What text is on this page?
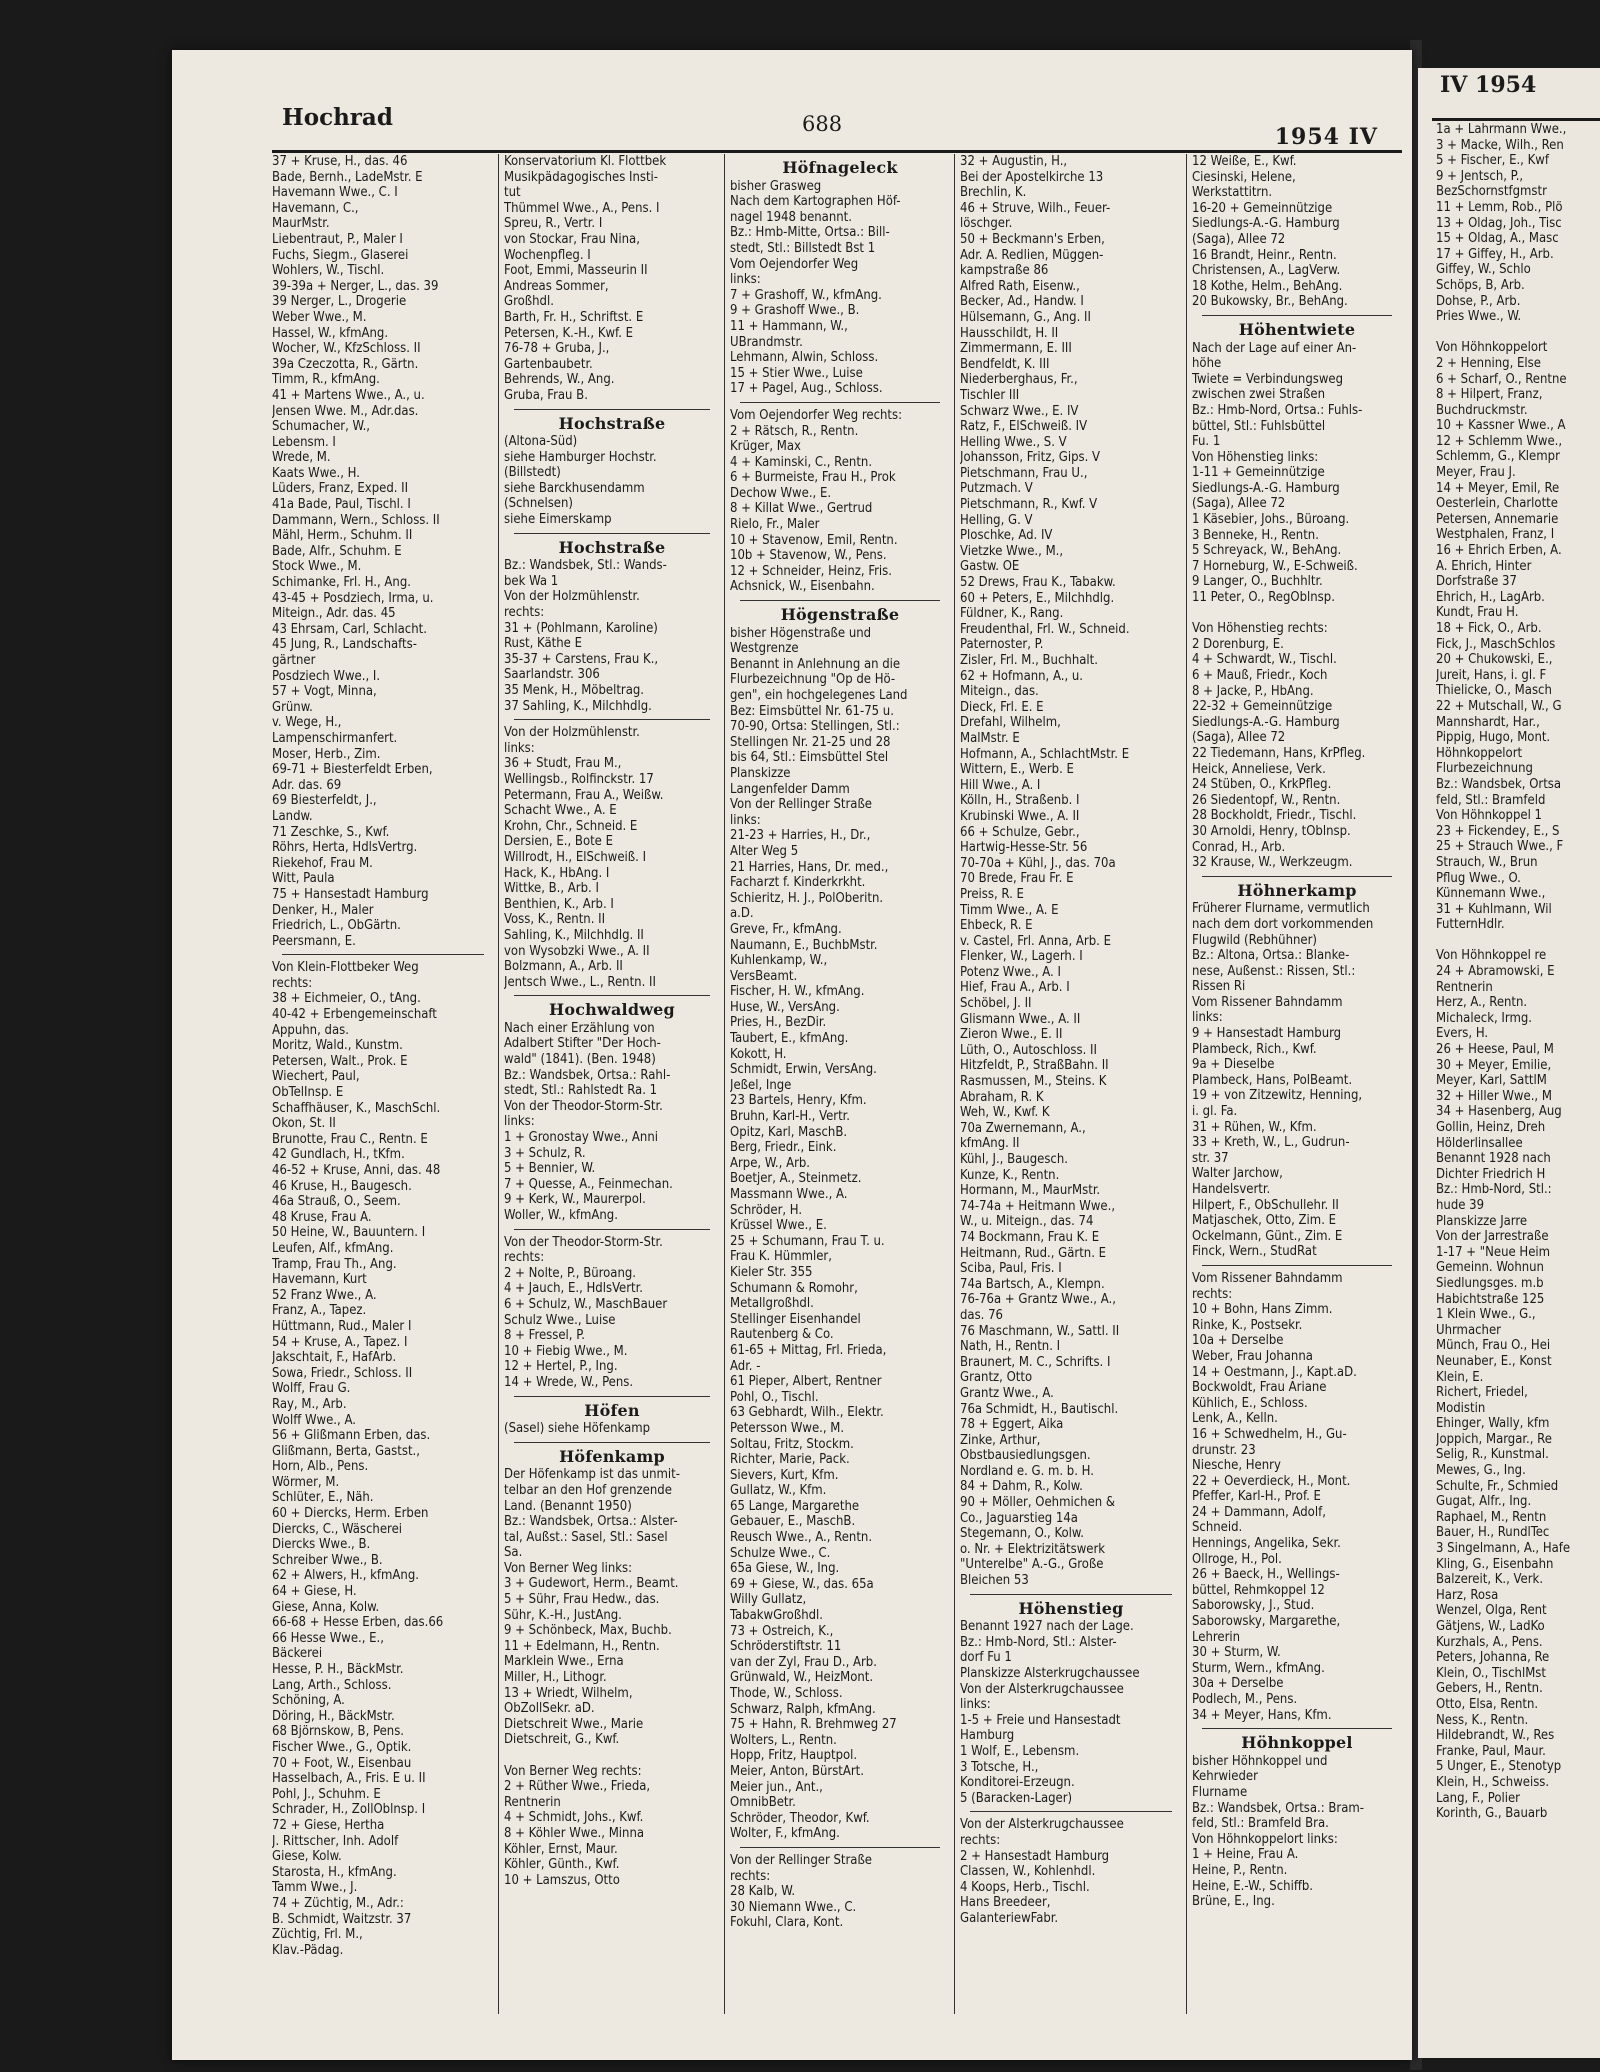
Hochrad	688	1954 IV
37 + Kruse, H., das. 46
Bade, Bernh., LadeMstr. E
Havemann Wwe., C. I
Havemann, C.,
MaurMstr.
Liebentraut, P., Maler I
Fuchs, Siegm., Glaserei
Wohlers, W., Tischl.
39-39a + Nerger, L., das. 39
39 Nerger, L., Drogerie
Weber Wwe., M.
Hassel, W., kfmAng.
Wocher, W., KfzSchloss. II
39a Czeczotta, R., Gärtn.
Timm, R., kfmAng.
41 + Martens Wwe., A., u.
Jensen Wwe. M., Adr.das.
Schumacher, W.,
Lebensm. I
Wrede, M.
Kaats Wwe., H.
Lüders, Franz, Exped. II
41a Bade, Paul, Tischl. I
Dammann, Wern., Schloss. II
Mähl, Herm., Schuhm. II
Bade, Alfr., Schuhm. E
Stock Wwe., M.
Schimanke, Frl. H., Ang.
43-45 + Posdziech, Irma, u.
Miteign., Adr. das. 45
43 Ehrsam, Carl, Schlacht.
45 Jung, R., Landschafts-
gärtner
Posdziech Wwe., I.
57 + Vogt, Minna,
Grünw.
v. Wege, H.,
Lampenschirmanfert.
Moser, Herb., Zim.
69-71 + Biesterfeldt Erben,
Adr. das. 69
69 Biesterfeldt, J.,
Landw.
71 Zeschke, S., Kwf.
Röhrs, Herta, HdlsVertrg.
Riekehof, Frau M.
Witt, Paula
75 + Hansestadt Hamburg
Denker, H., Maler
Friedrich, L., ObGärtn.
Peersmann, E.
Von Klein-Flottbeker Weg
rechts:
38 + Eichmeier, O., tAng.
40-42 + Erbengemeinschaft
Appuhn, das.
Moritz, Wald., Kunstm.
Petersen, Walt., Prok. E
Wiechert, Paul,
ObTelInsp. E
Schaffhäuser, K., MaschSchl.
Okon, St. II
Brunotte, Frau C., Rentn. E
42 Gundlach, H., tKfm.
46-52 + Kruse, Anni, das. 48
46 Kruse, H., Baugesch.
46a Strauß, O., Seem.
48 Kruse, Frau A.
50 Heine, W., Bauuntern. I
Leufen, Alf., kfmAng.
Tramp, Frau Th., Ang.
Havemann, Kurt
52 Franz Wwe., A.
Franz, A., Tapez.
Hüttmann, Rud., Maler I
54 + Kruse, A., Tapez. I
Jakschtait, F., HafArb.
Sowa, Friedr., Schloss. II
Wolff, Frau G.
Ray, M., Arb.
Wolff Wwe., A.
56 + Glißmann Erben, das.
Glißmann, Berta, Gastst.,
Horn, Alb., Pens.
Wörmer, M.
Schlüter, E., Näh.
60 + Diercks, Herm. Erben
Diercks, C., Wäscherei
Diercks Wwe., B.
Schreiber Wwe., B.
62 + Alwers, H., kfmAng.
64 + Giese, H.
Giese, Anna, Kolw.
66-68 + Hesse Erben, das.66
66 Hesse Wwe., E.,
Bäckerei
Hesse, P. H., BäckMstr.
Lang, Arth., Schloss.
Schöning, A.
Döring, H., BäckMstr.
68 Björnskow, B, Pens.
Fischer Wwe., G., Optik.
70 + Foot, W., Eisenbau
Hasselbach, A., Fris. E u. II
Pohl, J., Schuhm. E
Schrader, H., ZollOblnsp. I
72 + Giese, Hertha
J. Rittscher, Inh. Adolf
Giese, Kolw.
Starosta, H., kfmAng.
Tamm Wwe., J.
74 + Züchtig, M., Adr.:
B. Schmidt, Waitzstr. 37
Züchtig, Frl. M.,
Klav.-Pädag.
Konservatorium Kl. Flottbek
Musikpädagogisches Insti-
tut
Thümmel Wwe., A., Pens. I
Spreu, R., Vertr. I
von Stockar, Frau Nina,
Wochenpfleg. I
Foot, Emmi, Masseurin II
Andreas Sommer,
Großhdl.
Barth, Fr. H., Schriftst. E
Petersen, K.-H., Kwf. E
76-78 + Gruba, J.,
Gartenbaubetr.
Behrends, W., Ang.
Gruba, Frau B.
Hochstraße
(Altona-Süd)
siehe Hamburger Hochstr.
(Billstedt)
siehe Barckhusendamm
(Schnelsen)
siehe Eimerskamp
Hochstraße
Bz.: Wandsbek, Stl.: Wands-
bek Wa 1
Von der Holzmühlenstr.
rechts:
31 + (Pohlmann, Karoline)
Rust, Käthe E
35-37 + Carstens, Frau K.,
Saarlandstr. 306
35 Menk, H., Möbeltrag.
37 Sahling, K., Milchhdlg.
Von der Holzmühlenstr.
links:
36 + Studt, Frau M.,
Wellingsb., Rolfinckstr. 17
Petermann, Frau A., Weißw.
Schacht Wwe., A. E
Krohn, Chr., Schneid. E
Dersien, E., Bote E
Willrodt, H., ElSchweiß. I
Hack, K., HbAng. I
Wittke, B., Arb. I
Benthien, K., Arb. I
Voss, K., Rentn. II
Sahling, K., Milchhdlg. II
von Wysobzki Wwe., A. II
Bolzmann, A., Arb. II
Jentsch Wwe., L., Rentn. II
Hochwaldweg
Nach einer Erzählung von
Adalbert Stifter "Der Hoch-
wald" (1841). (Ben. 1948)
Bz.: Wandsbek, Ortsa.: Rahl-
stedt, Stl.: Rahlstedt Ra. 1
Von der Theodor-Storm-Str.
links:
1 + Gronostay Wwe., Anni
3 + Schulz, R.
5 + Bennier, W.
7 + Quesse, A., Feinmechan.
9 + Kerk, W., Maurerpol.
Woller, W., kfmAng.
Von der Theodor-Storm-Str.
rechts:
2 + Nolte, P., Büroang.
4 + Jauch, E., HdlsVertr.
6 + Schulz, W., MaschBauer
Schulz Wwe., Luise
8 + Fressel, P.
10 + Fiebig Wwe., M.
12 + Hertel, P., Ing.
14 + Wrede, W., Pens.
Höfen
(Sasel) siehe Höfenkamp
Höfenkamp
Der Höfenkamp ist das unmit-
telbar an den Hof grenzende
Land. (Benannt 1950)
Bz.: Wandsbek, Ortsa.: Alster-
tal, Außst.: Sasel, Stl.: Sasel
Sa.
Von Berner Weg links:
3 + Gudewort, Herm., Beamt.
5 + Sühr, Frau Hedw., das.
Sühr, K.-H., JustAng.
9 + Schönbeck, Max, Buchb.
11 + Edelmann, H., Rentn.
Marklein Wwe., Erna
Miller, H., Lithogr.
13 + Wriedt, Wilhelm,
ObZollSekr. aD.
Dietschreit Wwe., Marie
Dietschreit, G., Kwf.

Von Berner Weg rechts:
2 + Rüther Wwe., Frieda,
Rentnerin
4 + Schmidt, Johs., Kwf.
8 + Köhler Wwe., Minna
Köhler, Ernst, Maur.
Köhler, Günth., Kwf.
10 + Lamszus, Otto
Höfnageleck
bisher Grasweg
Nach dem Kartographen Höf-
nagel 1948 benannt.
Bz.: Hmb-Mitte, Ortsa.: Bill-
stedt, Stl.: Billstedt Bst 1
Vom Oejendorfer Weg
links:
7 + Grashoff, W., kfmAng.
9 + Grashoff Wwe., B.
11 + Hammann, W.,
UBrandmstr.
Lehmann, Alwin, Schloss.
15 + Stier Wwe., Luise
17 + Pagel, Aug., Schloss.
Vom Oejendorfer Weg rechts:
2 + Rätsch, R., Rentn.
Krüger, Max
4 + Kaminski, C., Rentn.
6 + Burmeiste, Frau H., Prok
Dechow Wwe., E.
8 + Killat Wwe., Gertrud
Rielo, Fr., Maler
10 + Stavenow, Emil, Rentn.
10b + Stavenow, W., Pens.
12 + Schneider, Heinz, Fris.
Achsnick, W., Eisenbahn.
Högenstraße
bisher Högenstraße und
Westgrenze
Benannt in Anlehnung an die
Flurbezeichnung "Op de Hö-
gen", ein hochgelegenes Land
Bez: Eimsbüttel Nr. 61-75 u.
70-90, Ortsa: Stellingen, Stl.:
Stellingen Nr. 21-25 und 28
bis 64, Stl.: Eimsbüttel Stel
Planskizze
Langenfelder Damm
Von der Rellinger Straße
links:
21-23 + Harries, H., Dr.,
Alter Weg 5
21 Harries, Hans, Dr. med.,
Facharzt f. Kinderkrkht.
Schieritz, H. J., PolOberitn.
a.D.
Greve, Fr., kfmAng.
Naumann, E., BuchbMstr.
Kuhlenkamp, W.,
VersBeamt.
Fischer, H. W., kfmAng.
Huse, W., VersAng.
Pries, H., BezDir.
Taubert, E., kfmAng.
Kokott, H.
Schmidt, Erwin, VersAng.
Jeßel, Inge
23 Bartels, Henry, Kfm.
Bruhn, Karl-H., Vertr.
Opitz, Karl, MaschB.
Berg, Friedr., Eink.
Arpe, W., Arb.
Boetjer, A., Steinmetz.
Massmann Wwe., A.
Schröder, H.
Krüssel Wwe., E.
25 + Schumann, Frau T. u.
Frau K. Hümmler,
Kieler Str. 355
Schumann & Romohr,
Metallgroßhdl.
Stellinger Eisenhandel
Rautenberg & Co.
61-65 + Mittag, Frl. Frieda,
Adr. -
61 Pieper, Albert, Rentner
Pohl, O., Tischl.
63 Gebhardt, Wilh., Elektr.
Petersson Wwe., M.
Soltau, Fritz, Stockm.
Richter, Marie, Pack.
Sievers, Kurt, Kfm.
Gullatz, W., Kfm.
65 Lange, Margarethe
Gebauer, E., MaschB.
Reusch Wwe., A., Rentn.
Schulze Wwe., C.
65a Giese, W., Ing.
69 + Giese, W., das. 65a
Willy Gullatz,
TabakwGroßhdl.
73 + Ostreich, K.,
Schröderstiftstr. 11
van der Zyl, Frau D., Arb.
Grünwald, W., HeizMont.
Thode, W., Schloss.
Schwarz, Ralph, kfmAng.
75 + Hahn, R. Brehmweg 27
Wolters, L., Rentn.
Hopp, Fritz, Hauptpol.
Meier, Anton, BürstArt.
Meier jun., Ant.,
OmnibBetr.
Schröder, Theodor, Kwf.
Wolter, F., kfmAng.
Von der Rellinger Straße
rechts:
28 Kalb, W.
30 Niemann Wwe., C.
Fokuhl, Clara, Kont.
32 + Augustin, H.,
Bei der Apostelkirche 13
Brechlin, K.
46 + Struve, Wilh., Feuer-
löschger.
50 + Beckmann's Erben,
Adr. A. Redlien, Müggen-
kampstraße 86
Alfred Rath, Eisenw.,
Becker, Ad., Handw. I
Hülsemann, G., Ang. II
Hausschildt, H. II
Zimmermann, E. III
Bendfeldt, K. III
Niederberghaus, Fr.,
Tischler III
Schwarz Wwe., E. IV
Ratz, F., ElSchweiß. IV
Helling Wwe., S. V
Johansson, Fritz, Gips. V
Pietschmann, Frau U.,
Putzmach. V
Pietschmann, R., Kwf. V
Helling, G. V
Ploschke, Ad. IV
Vietzke Wwe., M.,
Gastw. OE
52 Drews, Frau K., Tabakw.
60 + Peters, E., Milchhdlg.
Füldner, K., Rang.
Freudenthal, Frl. W., Schneid.
Paternoster, P.
Zisler, Frl. M., Buchhalt.
62 + Hofmann, A., u.
Miteign., das.
Dieck, Frl. E. E
Drefahl, Wilhelm,
MalMstr. E
Hofmann, A., SchlachtMstr. E
Wittern, E., Werb. E
Hill Wwe., A. I
Kölln, H., Straßenb. I
Krubinski Wwe., A. II
66 + Schulze, Gebr.,
Hartwig-Hesse-Str. 56
70-70a + Kühl, J., das. 70a
70 Brede, Frau Fr. E
Preiss, R. E
Timm Wwe., A. E
Ehbeck, R. E
v. Castel, Frl. Anna, Arb. E
Flenker, W., Lagerh. I
Potenz Wwe., A. I
Hief, Frau A., Arb. I
Schöbel, J. II
Glismann Wwe., A. II
Zieron Wwe., E. II
Lüth, O., Autoschloss. II
Hitzfeldt, P., StraßBahn. II
Rasmussen, M., Steins. K
Abraham, R. K
Weh, W., Kwf. K
70a Zwernemann, A.,
kfmAng. II
Kühl, J., Baugesch.
Kunze, K., Rentn.
Hormann, M., MaurMstr.
74-74a + Heitmann Wwe.,
W., u. Miteign., das. 74
74 Bockmann, Frau K. E
Heitmann, Rud., Gärtn. E
Sciba, Paul, Fris. I
74a Bartsch, A., Klempn.
76-76a + Grantz Wwe., A.,
das. 76
76 Maschmann, W., Sattl. II
Nath, H., Rentn. I
Braunert, M. C., Schrifts. I
Grantz, Otto
Grantz Wwe., A.
76a Schmidt, H., Bautischl.
78 + Eggert, Aika
Zinke, Arthur,
Obstbausiedlungsgen.
Nordland e. G. m. b. H.
84 + Dahm, R., Kolw.
90 + Möller, Oehmichen &
Co., Jaguarstieg 14a
Stegemann, O., Kolw.
o. Nr. + Elektrizitätswerk
"Unterelbe" A.-G., Große
Bleichen 53
Höhenstieg
Benannt 1927 nach der Lage.
Bz.: Hmb-Nord, Stl.: Alster-
dorf Fu 1
Planskizze Alsterkrugchaussee
Von der Alsterkrugchaussee
links:
1-5 + Freie und Hansestadt
Hamburg
1 Wolf, E., Lebensm.
3 Totsche, H.,
Konditorei-Erzeugn.
5 (Baracken-Lager)
Von der Alsterkrugchaussee
rechts:
2 + Hansestadt Hamburg
Classen, W., Kohlenhdl.
4 Koops, Herb., Tischl.
Hans Breedeer,
GalanteriewFabr.
12 Weiße, E., Kwf.
Ciesinski, Helene,
Werkstattitrn.
16-20 + Gemeinnützige
Siedlungs-A.-G. Hamburg
(Saga), Allee 72
16 Brandt, Heinr., Rentn.
Christensen, A., LagVerw.
18 Kothe, Helm., BehAng.
20 Bukowsky, Br., BehAng.
Höhentwiete
Nach der Lage auf einer An-
höhe
Twiete = Verbindungsweg
zwischen zwei Straßen
Bz.: Hmb-Nord, Ortsa.: Fuhls-
büttel, Stl.: Fuhlsbüttel
Fu. 1
Von Höhenstieg links:
1-11 + Gemeinnützige
Siedlungs-A.-G. Hamburg
(Saga), Allee 72
1 Käsebier, Johs., Büroang.
3 Benneke, H., Rentn.
5 Schreyack, W., BehAng.
7 Horneburg, W., E-Schweiß.
9 Langer, O., Buchhltr.
11 Peter, O., RegOblnsp.

Von Höhenstieg rechts:
2 Dorenburg, E.
4 + Schwardt, W., Tischl.
6 + Mauß, Friedr., Koch
8 + Jacke, P., HbAng.
22-32 + Gemeinnützige
Siedlungs-A.-G. Hamburg
(Saga), Allee 72
22 Tiedemann, Hans, KrPfleg.
Heick, Anneliese, Verk.
24 Stüben, O., KrkPfleg.
26 Siedentopf, W., Rentn.
28 Bockholdt, Friedr., Tischl.
30 Arnoldi, Henry, tOblnsp.
Conrad, H., Arb.
32 Krause, W., Werkzeugm.
Höhnerkamp
Früherer Flurname, vermutlich
nach dem dort vorkommenden
Flugwild (Rebhühner)
Bz.: Altona, Ortsa.: Blanke-
nese, Außenst.: Rissen, Stl.:
Rissen Ri
Vom Rissener Bahndamm
links:
9 + Hansestadt Hamburg
Plambeck, Rich., Kwf.
9a + Dieselbe
Plambeck, Hans, PolBeamt.
19 + von Zitzewitz, Henning,
i. gl. Fa.
31 + Rühen, W., Kfm.
33 + Kreth, W., L., Gudrun-
str. 37
Walter Jarchow,
Handelsvertr.
Hilpert, F., ObSchullehr. II
Matjaschek, Otto, Zim. E
Ockelmann, Günt., Zim. E
Finck, Wern., StudRat
Vom Rissener Bahndamm
rechts:
10 + Bohn, Hans Zimm.
Rinke, K., Postsekr.
10a + Derselbe
Weber, Frau Johanna
14 + Oestmann, J., Kapt.aD.
Bockwoldt, Frau Ariane
Kühlich, E., Schloss.
Lenk, A., Kelln.
16 + Schwedhelm, H., Gu-
drunstr. 23
Niesche, Henry
22 + Oeverdieck, H., Mont.
Pfeffer, Karl-H., Prof. E
24 + Dammann, Adolf,
Schneid.
Hennings, Angelika, Sekr.
Ollroge, H., Pol.
26 + Baeck, H., Wellings-
büttel, Rehmkoppel 12
Saborowsky, J., Stud.
Saborowsky, Margarethe,
Lehrerin
30 + Sturm, W.
Sturm, Wern., kfmAng.
30a + Derselbe
Podlech, M., Pens.
34 + Meyer, Hans, Kfm.
Höhnkoppel
bisher Höhnkoppel und
Kehrwieder
Flurname
Bz.: Wandsbek, Ortsa.: Bram-
feld, Stl.: Bramfeld Bra.
Von Höhnkoppelort links:
1 + Heine, Frau A.
Heine, P., Rentn.
Heine, E.-W., Schiffb.
Brüne, E., Ing.
IV 1954
1a + Lahrmann Wwe.,
3 + Macke, Wilh., Ren
5 + Fischer, E., Kwf
9 + Jentsch, P.,
BezSchornstfgmstr
11 + Lemm, Rob., Plö
13 + Oldag, Joh., Tisc
15 + Oldag, A., Masc
17 + Giffey, H., Arb.
Giffey, W., Schlo
Schöps, B, Arb.
Dohse, P., Arb.
Pries Wwe., W.

Von Höhnkoppelort
2 + Henning, Else
6 + Scharf, O., Rentne
8 + Hilpert, Franz,
Buchdruckmstr.
10 + Kassner Wwe., A
12 + Schlemm Wwe.,
Schlemm, G., Klempr
Meyer, Frau J.
14 + Meyer, Emil, Re
Oesterlein, Charlotte
Petersen, Annemarie
Westphalen, Franz, I
16 + Ehrich Erben, A.
A. Ehrich, Hinter
Dorfstraße 37
Ehrich, H., LagArb.
Kundt, Frau H.
18 + Fick, O., Arb.
Fick, J., MaschSchlos
20 + Chukowski, E.,
Jureit, Hans, i. gl. F
Thielicke, O., Masch
22 + Mutschall, W., G
Mannshardt, Har.,
Pippig, Hugo, Mont.
Höhnkoppelort
Flurbezeichnung
Bz.: Wandsbek, Ortsa
feld, Stl.: Bramfeld
Von Höhnkoppel 1
23 + Fickendey, E., S
25 + Strauch Wwe., F
Strauch, W., Brun
Pflug Wwe., O.
Künnemann Wwe.,
31 + Kuhlmann, Wil
FutternHdlr.

Von Höhnkoppel re
24 + Abramowski, E
Rentnerin
Herz, A., Rentn.
Michaleck, Irmg.
Evers, H.
26 + Heese, Paul, M
30 + Meyer, Emilie,
Meyer, Karl, SattlM
32 + Hiller Wwe., M
34 + Hasenberg, Aug
Gollin, Heinz, Dreh
Hölderlinsallee
Benannt 1928 nach
Dichter Friedrich H
Bz.: Hmb-Nord, Stl.:
hude 39
Planskizze Jarre
Von der Jarrestraße
1-17 + "Neue Heim
Gemeinn. Wohnun
Siedlungsges. m.b
Habichtstraße 125
1 Klein Wwe., G.,
Uhrmacher
Münch, Frau O., Hei
Neunaber, E., Konst
Klein, E.
Richert, Friedel,
Modistin
Ehinger, Wally, kfm
Joppich, Margar., Re
Selig, R., Kunstmal.
Mewes, G., Ing.
Schulte, Fr., Schmied
Gugat, Alfr., Ing.
Raphael, M., Rentn
Bauer, H., RundlTec
3 Singelmann, A., Hafe
Kling, G., Eisenbahn
Balzereit, K., Verk.
Harz, Rosa
Wenzel, Olga, Rent
Gätjens, W., LadKo
Kurzhals, A., Pens.
Peters, Johanna, Re
Klein, O., TischlMst
Gebers, H., Rentn.
Otto, Elsa, Rentn.
Ness, K., Rentn.
Hildebrandt, W., Res
Franke, Paul, Maur.
5 Unger, E., Stenotyp
Klein, H., Schweiss.
Lang, F., Polier
Korinth, G., Bauarb
